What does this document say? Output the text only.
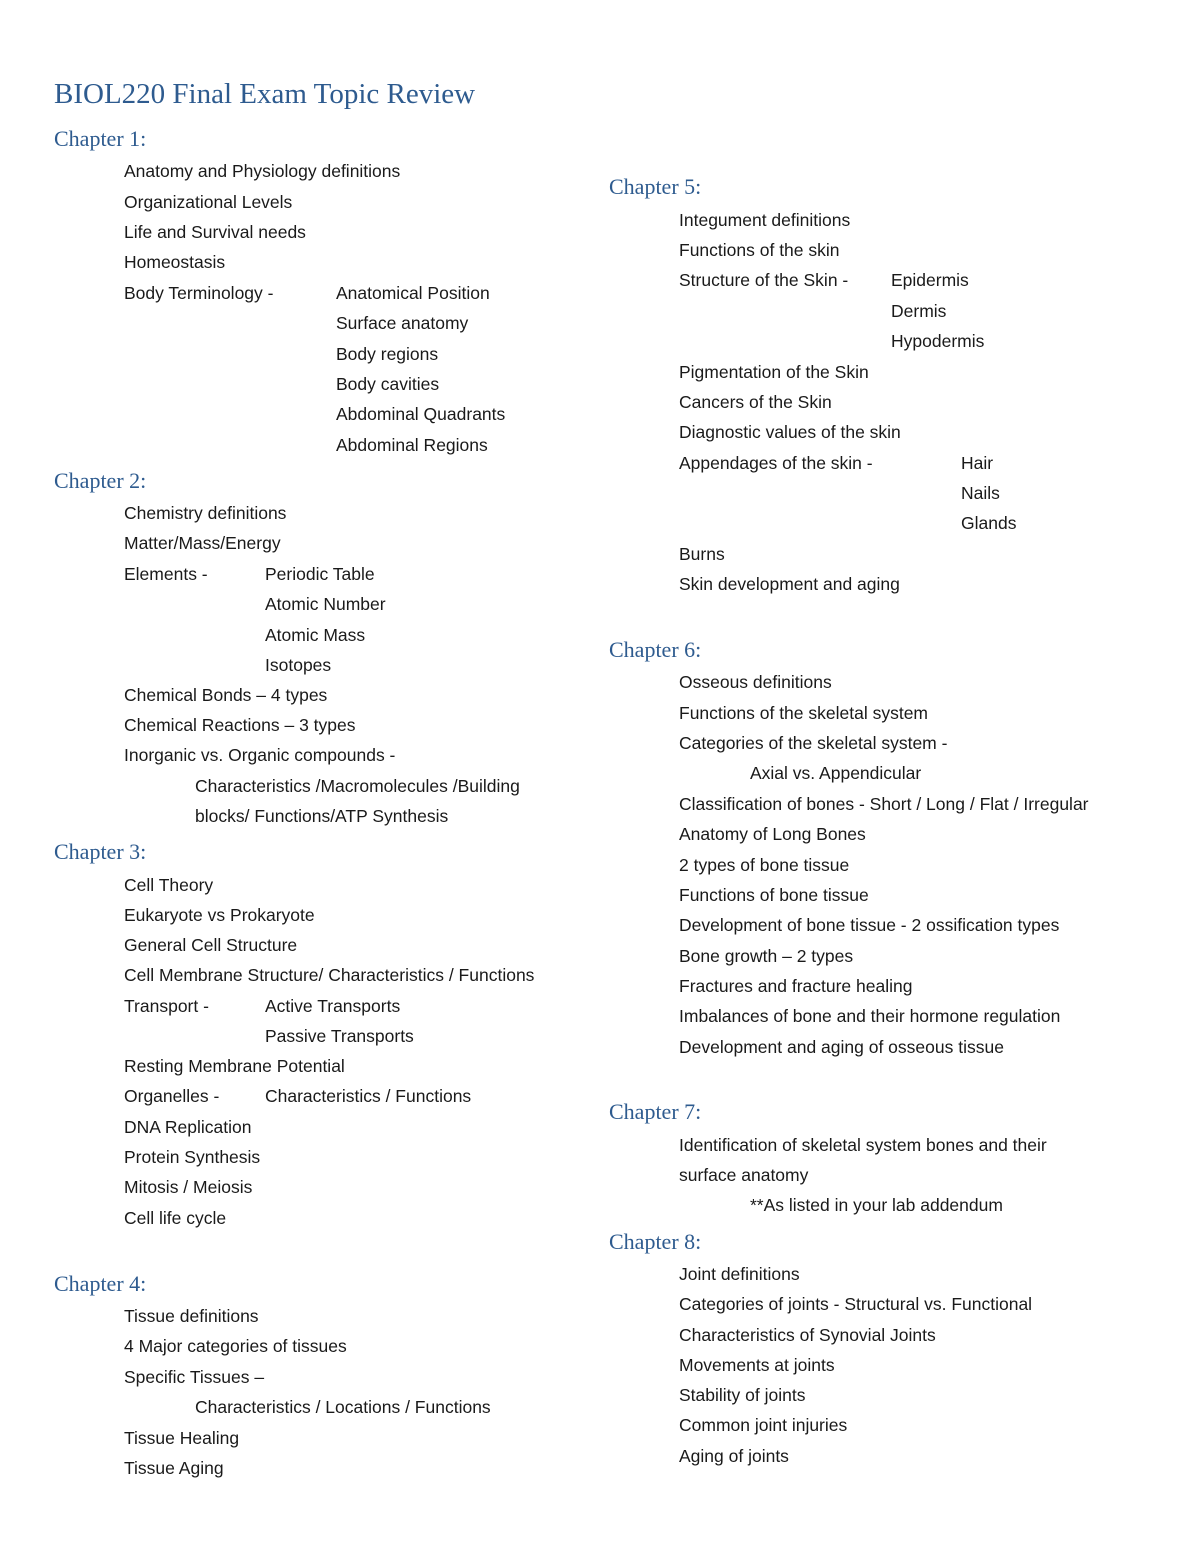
BIOL220 Final Exam Topic Review
Chapter 1:
Anatomy and Physiology definitions
Organizational Levels
Life and Survival needs
Homeostasis
Body Terminology -	Anatomical Position
Surface anatomy
Body regions
Body cavities
Abdominal Quadrants
Abdominal Regions
Chapter 2:
Chemistry definitions
Matter/Mass/Energy
Elements -	Periodic Table
Atomic Number
Atomic Mass
Isotopes
Chemical Bonds – 4 types
Chemical Reactions – 3 types
Inorganic vs. Organic compounds -
Characteristics /Macromolecules /Building
blocks/ Functions/ATP Synthesis
Chapter 3:
Cell Theory
Eukaryote vs Prokaryote
General Cell Structure
Cell Membrane Structure/ Characteristics / Functions
Transport -	Active Transports
Passive Transports
Resting Membrane Potential
Organelles -	Characteristics / Functions
DNA Replication
Protein Synthesis
Mitosis / Meiosis
Cell life cycle
Chapter 4:
Tissue definitions
4 Major categories of tissues
Specific Tissues –
Characteristics / Locations / Functions
Tissue Healing
Tissue Aging
Chapter 5:
Integument definitions
Functions of the skin
Structure of the Skin - Epidermis
Dermis
Hypodermis
Pigmentation of the Skin
Cancers of the Skin
Diagnostic values of the skin
Appendages of the skin -	Hair
Nails
Glands
Burns
Skin development and aging
Chapter 6:
Osseous definitions
Functions of the skeletal system
Categories of the skeletal system -
Axial vs. Appendicular
Classification of bones - Short / Long / Flat / Irregular
Anatomy of Long Bones
2 types of bone tissue
Functions of bone tissue
Development of bone tissue - 2 ossification types
Bone growth – 2 types
Fractures and fracture healing
Imbalances of bone and their hormone regulation
Development and aging of osseous tissue
Chapter 7:
Identification of skeletal system bones and their
surface anatomy
**As listed in your lab addendum
Chapter 8:
Joint definitions
Categories of joints - Structural vs. Functional
Characteristics of Synovial Joints
Movements at joints
Stability of joints
Common joint injuries
Aging of joints
